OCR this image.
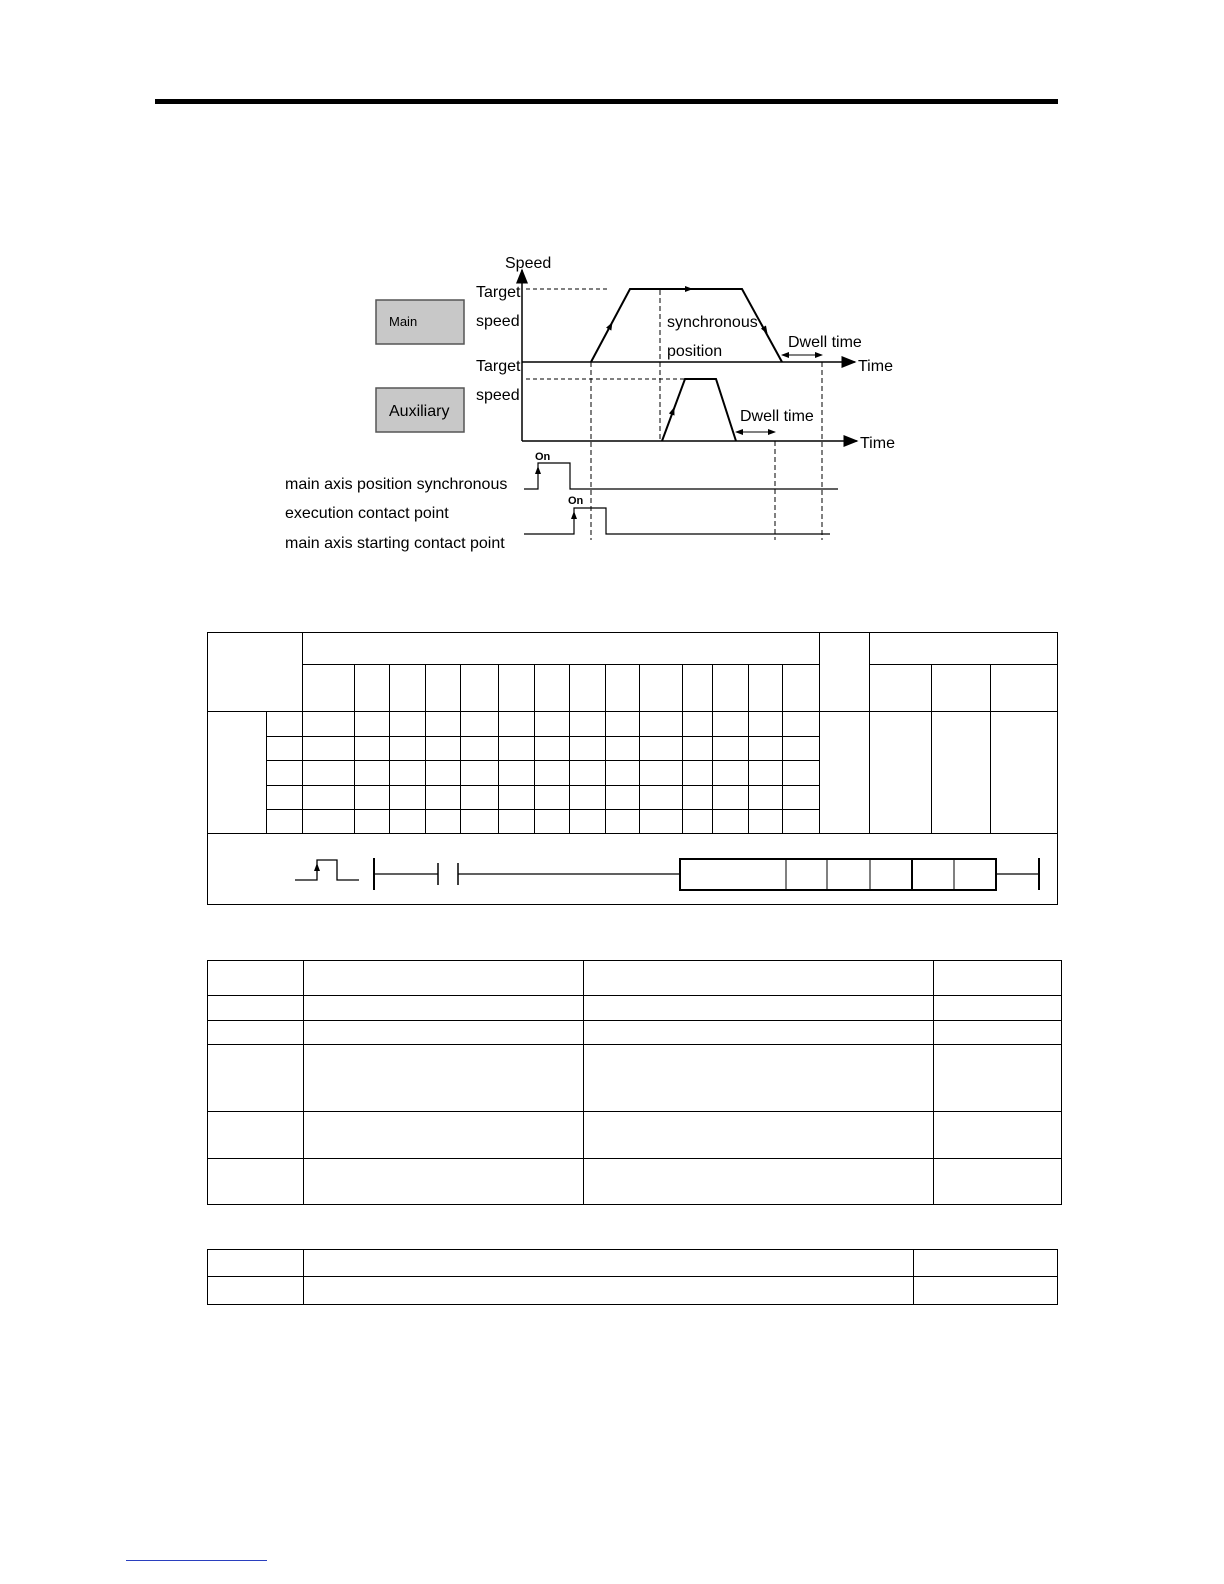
Main
Auxiliary
Speed
Time
Time
Target
speed
Target
speed
synchronous
position
Dwell time
Dwell time
On
On
main axis position synchronous
execution contact point
main axis starting contact point
